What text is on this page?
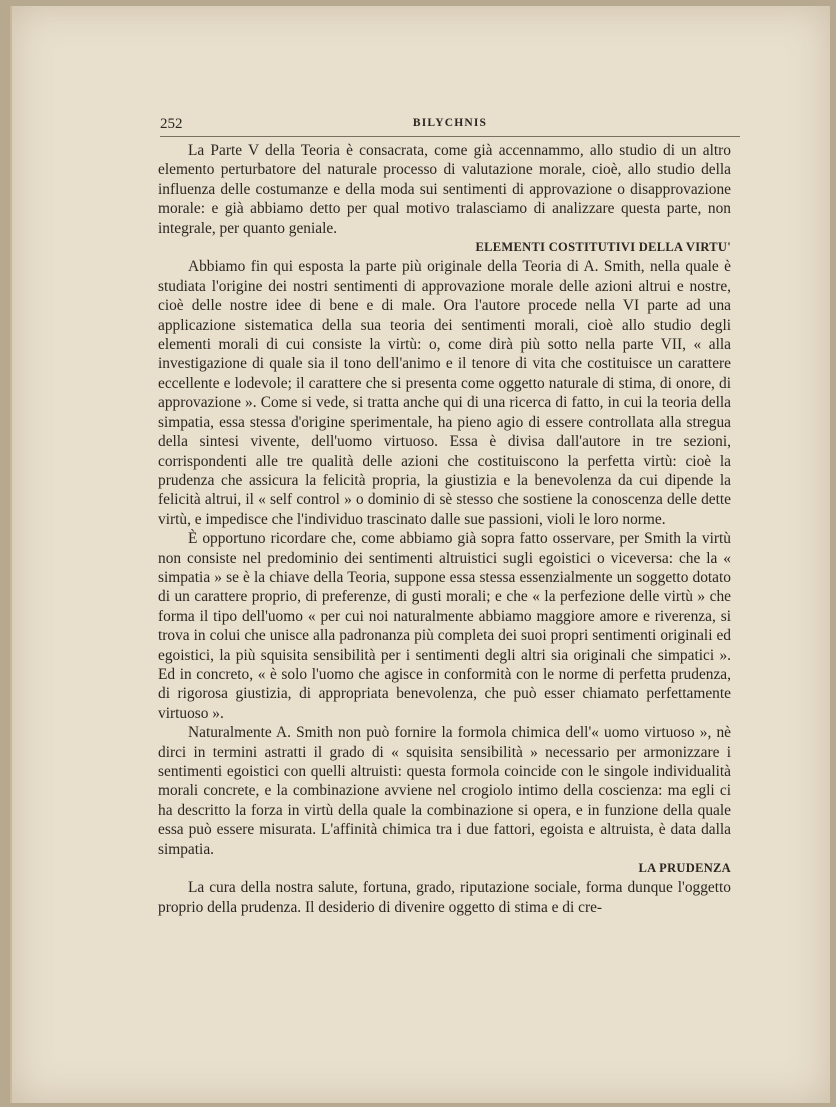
252	BILYCHNIS

La Parte V della Teoria è consacrata, come già accennammo, allo studio di un altro elemento perturbatore del naturale processo di valutazione morale, cioè, allo studio della influenza delle costumanze e della moda sui sentimenti di approvazione o disapprovazione morale: e già abbiamo detto per qual motivo tralasciamo di analizzare questa parte, non integrale, per quanto geniale.

ELEMENTI COSTITUTIVI DELLA VIRTU'

Abbiamo fin qui esposta la parte più originale della Teoria di A. Smith, nella quale è studiata l'origine dei nostri sentimenti di approvazione morale delle azioni altrui e nostre, cioè delle nostre idee di bene e di male. Ora l'autore procede nella VI parte ad una applicazione sistematica della sua teoria dei sentimenti morali, cioè allo studio degli elementi morali di cui consiste la virtù: o, come dirà più sotto nella parte VII, « alla investigazione di quale sia il tono dell'animo e il tenore di vita che costituisce un carattere eccellente e lodevole; il carattere che si presenta come oggetto naturale di stima, di onore, di approvazione ». Come si vede, si tratta anche qui di una ricerca di fatto, in cui la teoria della simpatia, essa stessa d'origine sperimentale, ha pieno agio di essere controllata alla stregua della sintesi vivente, dell'uomo virtuoso. Essa è divisa dall'autore in tre sezioni, corrispondenti alle tre qualità delle azioni che costituiscono la perfetta virtù: cioè la prudenza che assicura la felicità propria, la giustizia e la benevolenza da cui dipende la felicità altrui, il « self control » o dominio di sè stesso che sostiene la conoscenza delle dette virtù, e impedisce che l'individuo trascinato dalle sue passioni, violi le loro norme.

È opportuno ricordare che, come abbiamo già sopra fatto osservare, per Smith la virtù non consiste nel predominio dei sentimenti altruistici sugli egoistici o viceversa: che la « simpatia » se è la chiave della Teoria, suppone essa stessa essenzialmente un soggetto dotato di un carattere proprio, di preferenze, di gusti morali; e che « la perfezione delle virtù » che forma il tipo dell'uomo « per cui noi naturalmente abbiamo maggiore amore e riverenza, si trova in colui che unisce alla padronanza più completa dei suoi propri sentimenti originali ed egoistici, la più squisita sensibilità per i sentimenti degli altri sia originali che simpatici ». Ed in concreto, « è solo l'uomo che agisce in conformità con le norme di perfetta prudenza, di rigorosa giustizia, di appropriata benevolenza, che può esser chiamato perfettamente virtuoso ».

Naturalmente A. Smith non può fornire la formola chimica dell'« uomo virtuoso », nè dirci in termini astratti il grado di « squisita sensibilità » necessario per armonizzare i sentimenti egoistici con quelli altruisti: questa formola coincide con le singole individualità morali concrete, e la combinazione avviene nel crogiolo intimo della coscienza: ma egli ci ha descritto la forza in virtù della quale la combinazione si opera, e in funzione della quale essa può essere misurata. L'affinità chimica tra i due fattori, egoista e altruista, è data dalla simpatia.

LA PRUDENZA

La cura della nostra salute, fortuna, grado, riputazione sociale, forma dunque l'oggetto proprio della prudenza. Il desiderio di divenire oggetto di stima e di cre-
